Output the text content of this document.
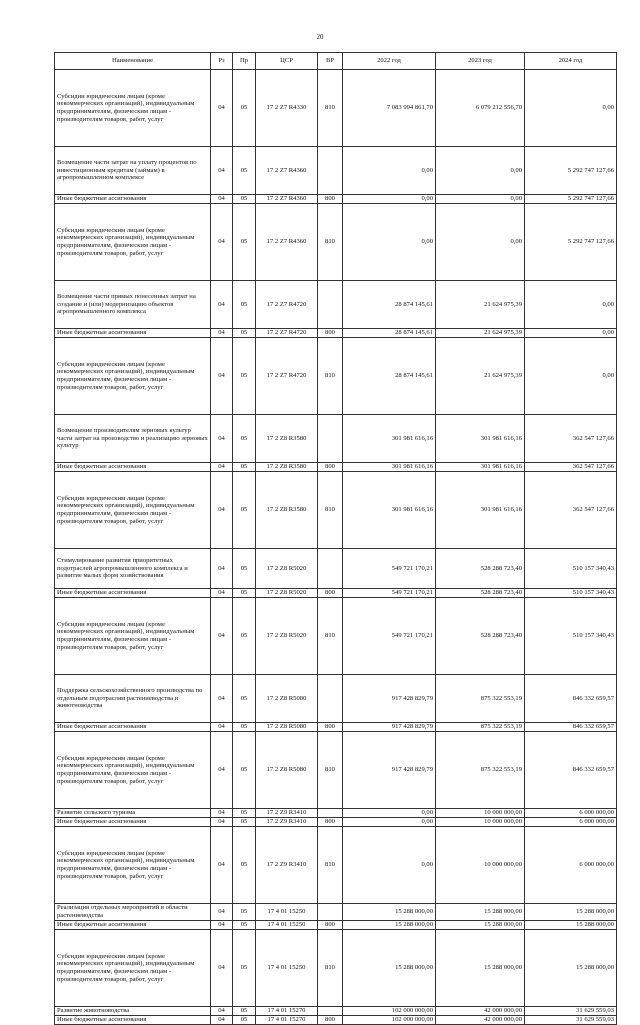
20
Наименование	Рз	Пр	ЦСР	ВР	2022 год	2023 год	2024 год
Субсидии юридическим лицам (кроме некоммерческих организаций), индивидуальным предпринимателям, физическим лицам - производителям товаров, работ, услуг	04	05	17 2 Z7 R4330	810	7 083 994 861,70	6 079 212 556,70	0,00
Возмещение части затрат на уплату процентов по инвестиционным кредитам (займам) в агропромышленном комплексе	04	05	17 2 Z7 R4360		0,00	0,00	5 292 747 127,66
Иные бюджетные ассигнования	04	05	17 2 Z7 R4360	800	0,00	0,00	5 292 747 127,66
Субсидии юридическим лицам (кроме некоммерческих организаций), индивидуальным предпринимателям, физическим лицам - производителям товаров, работ, услуг	04	05	17 2 Z7 R4360	810	0,00	0,00	5 292 747 127,66
Возмещение части прямых понесенных затрат на создание и (или) модернизацию объектов агропромышленного комплекса	04	05	17 2 Z7 R4720		28 874 145,61	21 624 975,39	0,00
Иные бюджетные ассигнования	04	05	17 2 Z7 R4720	800	28 874 145,61	21 624 975,39	0,00
Субсидии юридическим лицам (кроме некоммерческих организаций), индивидуальным предпринимателям, физическим лицам - производителям товаров, работ, услуг	04	05	17 2 Z7 R4720	810	28 874 145,61	21 624 975,39	0,00
Возмещение производителям зерновых культур части затрат на производство и реализацию зерновых культур	04	05	17 2 Z8 R3580		301 981 616,16	301 981 616,16	362 547 127,66
Иные бюджетные ассигнования	04	05	17 2 Z8 R3580	800	301 981 616,16	301 981 616,16	362 547 127,66
Субсидии юридическим лицам (кроме некоммерческих организаций), индивидуальным предпринимателям, физическим лицам - производителям товаров, работ, услуг	04	05	17 2 Z8 R3580	810	301 981 616,16	301 981 616,16	362 547 127,66
Стимулирование развития приоритетных подотраслей агропромышленного комплекса и развитие малых форм хозяйствования	04	05	17 2 Z8 R5020		549 721 170,21	528 288 723,40	510 157 340,43
Иные бюджетные ассигнования	04	05	17 2 Z8 R5020	800	549 721 170,21	528 288 723,40	510 157 340,43
Субсидии юридическим лицам (кроме некоммерческих организаций), индивидуальным предпринимателям, физическим лицам - производителям товаров, работ, услуг	04	05	17 2 Z8 R5020	810	549 721 170,21	528 288 723,40	510 157 340,43
Поддержка сельскохозяйственного производства по отдельным подотраслям растениеводства и животноводства	04	05	17 2 Z8 R5080		917 428 829,79	875 322 553,19	846 332 659,57
Иные бюджетные ассигнования	04	05	17 2 Z8 R5080	800	917 428 829,79	875 322 553,19	846 332 659,57
Субсидии юридическим лицам (кроме некоммерческих организаций), индивидуальным предпринимателям, физическим лицам - производителям товаров, работ, услуг	04	05	17 2 Z8 R5080	810	917 428 829,79	875 322 553,19	846 332 659,57
Развитие сельского туризма	04	05	17 2 Z9 R3410		0,00	10 000 000,00	6 000 000,00
Иные бюджетные ассигнования	04	05	17 2 Z9 R3410	800	0,00	10 000 000,00	6 000 000,00
Субсидии юридическим лицам (кроме некоммерческих организаций), индивидуальным предпринимателям, физическим лицам - производителям товаров, работ, услуг	04	05	17 2 Z9 R3410	810	0,00	10 000 000,00	6 000 000,00
Реализация отдельных мероприятий в области растениеводства	04	05	17 4 01 15250		15 288 000,00	15 288 000,00	15 288 000,00
Иные бюджетные ассигнования	04	05	17 4 01 15250	800	15 288 000,00	15 288 000,00	15 288 000,00
Субсидии юридическим лицам (кроме некоммерческих организаций), индивидуальным предпринимателям, физическим лицам - производителям товаров, работ, услуг	04	05	17 4 01 15250	810	15 288 000,00	15 288 000,00	15 288 000,00
Развитие животноводства	04	05	17 4 01 15270		102 000 000,00	42 000 000,00	31 629 559,03
Иные бюджетные ассигнования	04	05	17 4 01 15270	800	102 000 000,00	42 000 000,00	31 629 559,03
